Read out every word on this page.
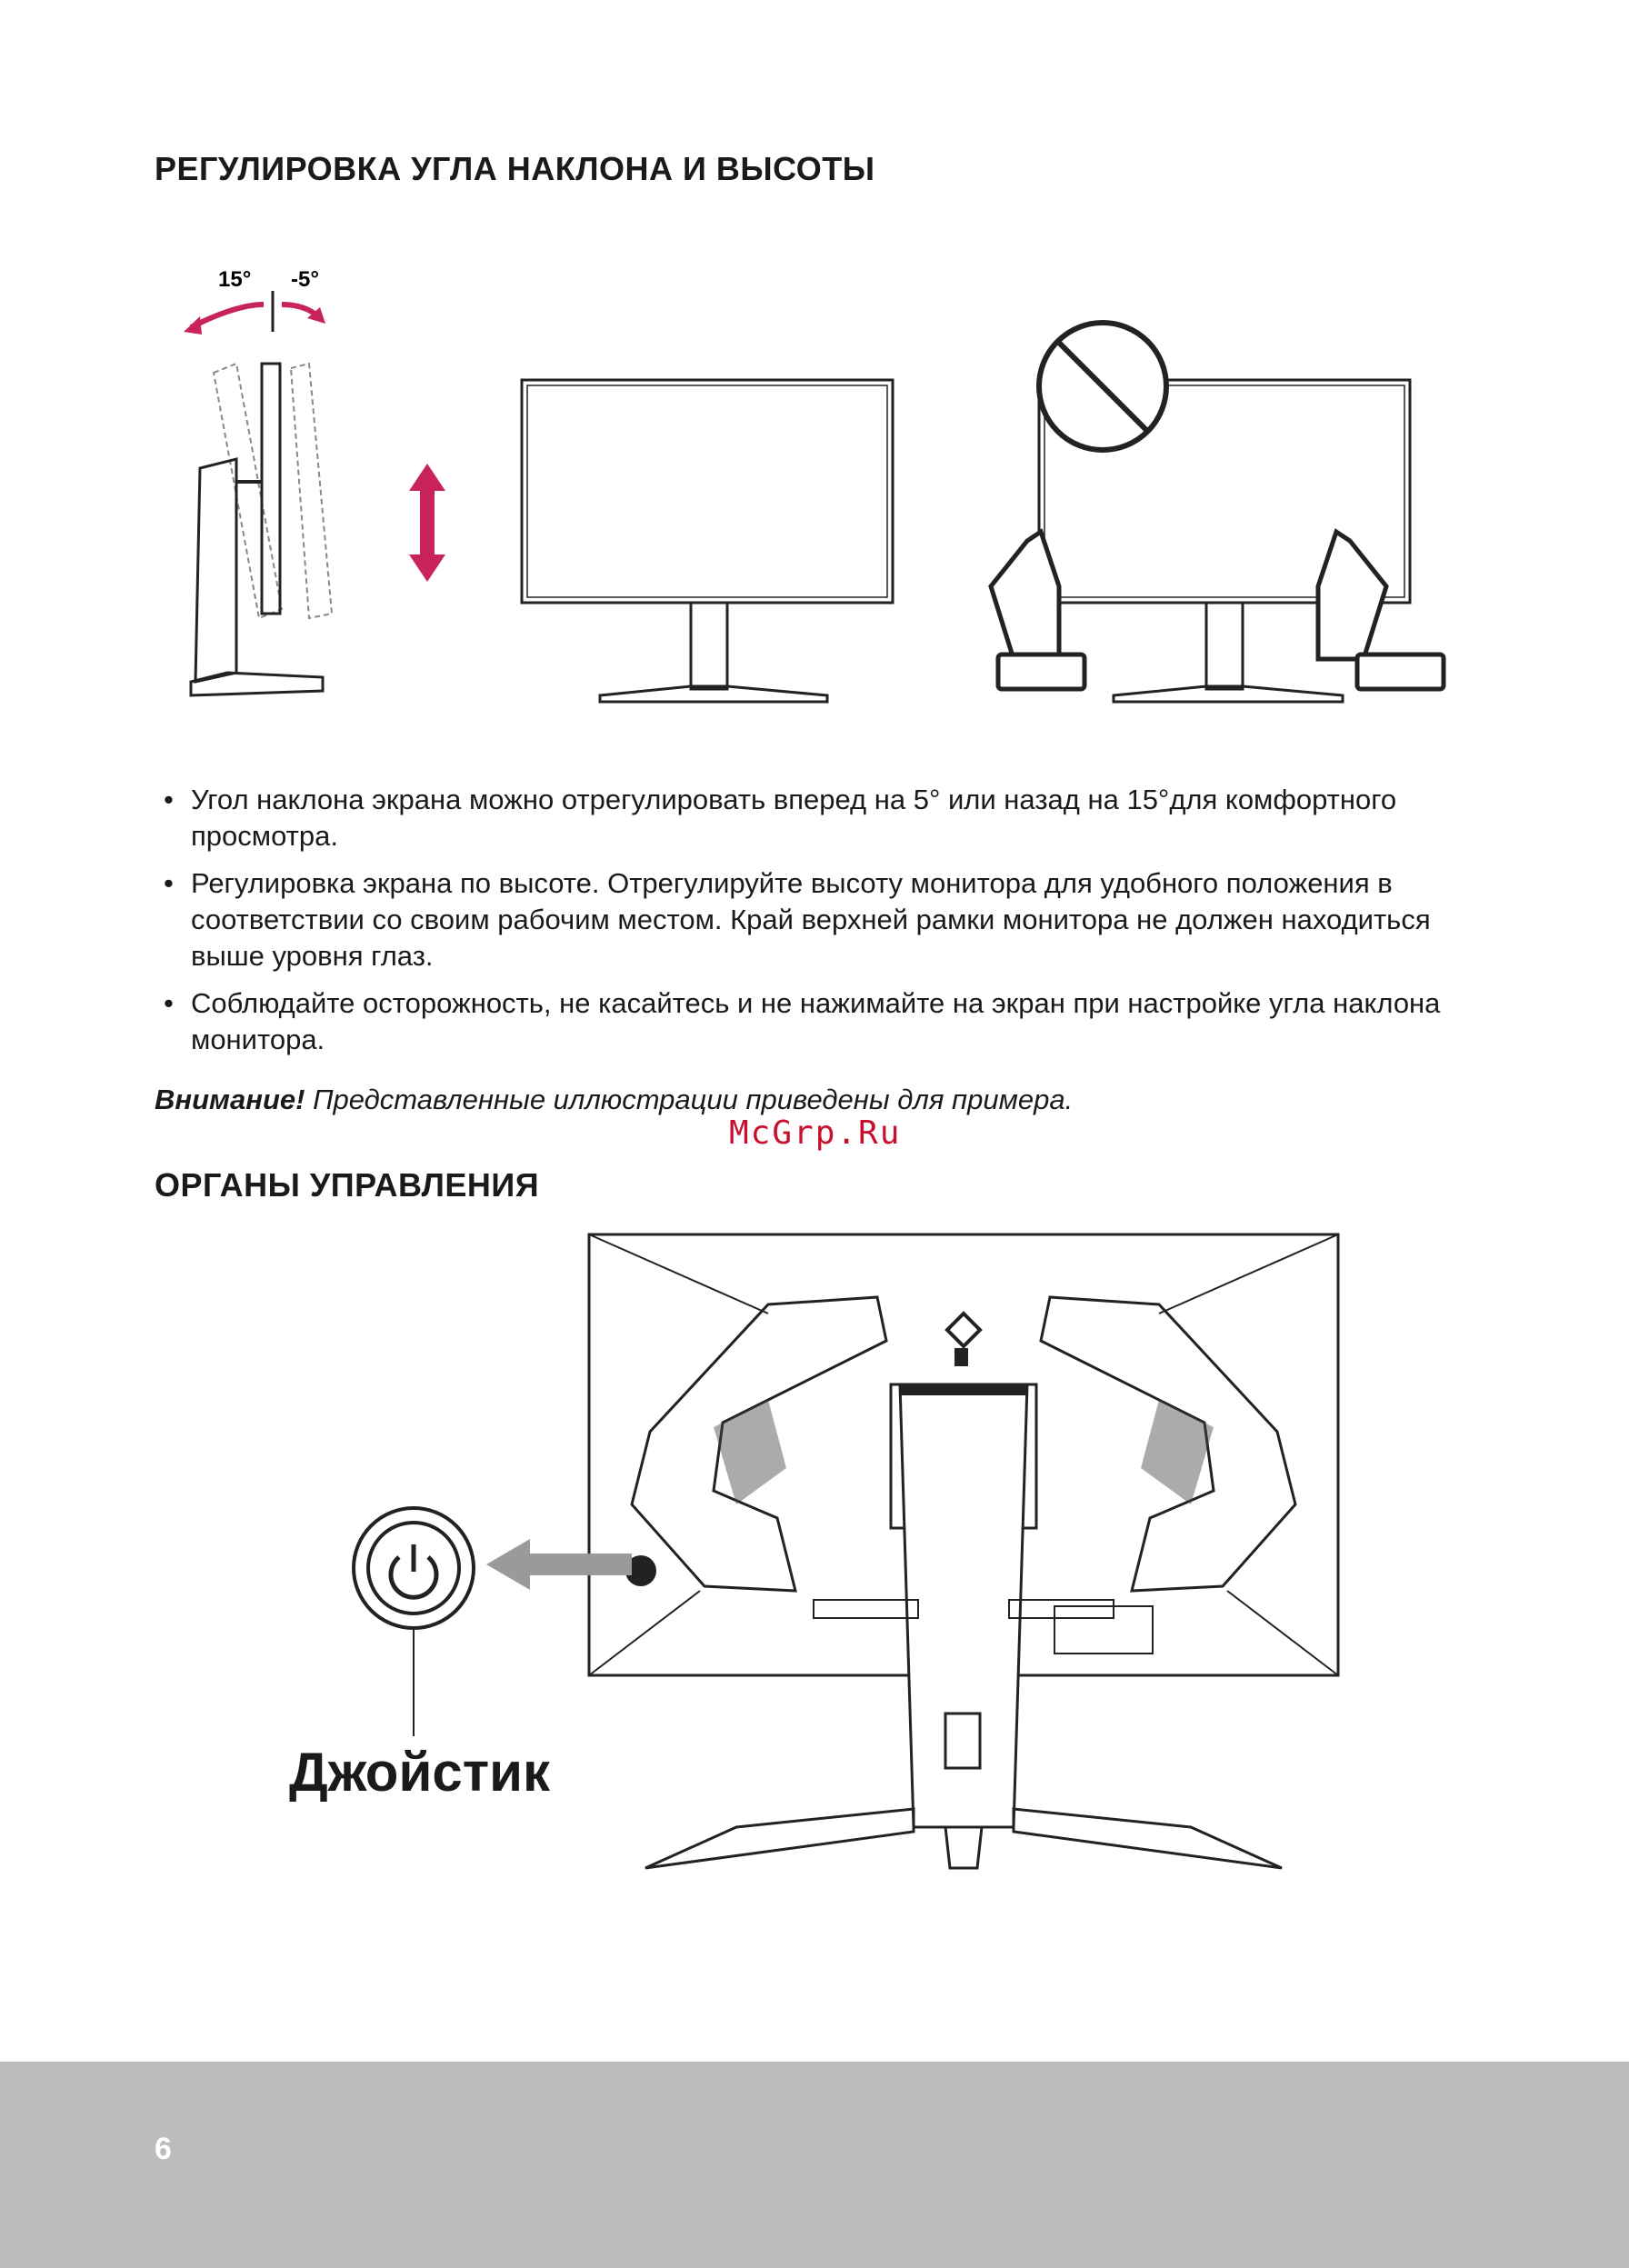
РЕГУЛИРОВКА УГЛА НАКЛОНА И ВЫСОТЫ
15° -5°
• Угол наклона экрана можно отрегулировать вперед на 5° или назад на 15°для комфортного просмотра.
• Регулировка экрана по высоте. Отрегулируйте высоту монитора для удобного положения в соответствии со своим рабочим местом. Край верхней рамки монитора не должен находиться выше уровня глаз.
• Соблюдайте осторожность, не касайтесь и не нажимайте на экран при настройке угла наклона монитора.

Внимание! Представленные иллюстрации приведены для примера.

McGrp.Ru
ОРГАНЫ УПРАВЛЕНИЯ

Джойстик

6
